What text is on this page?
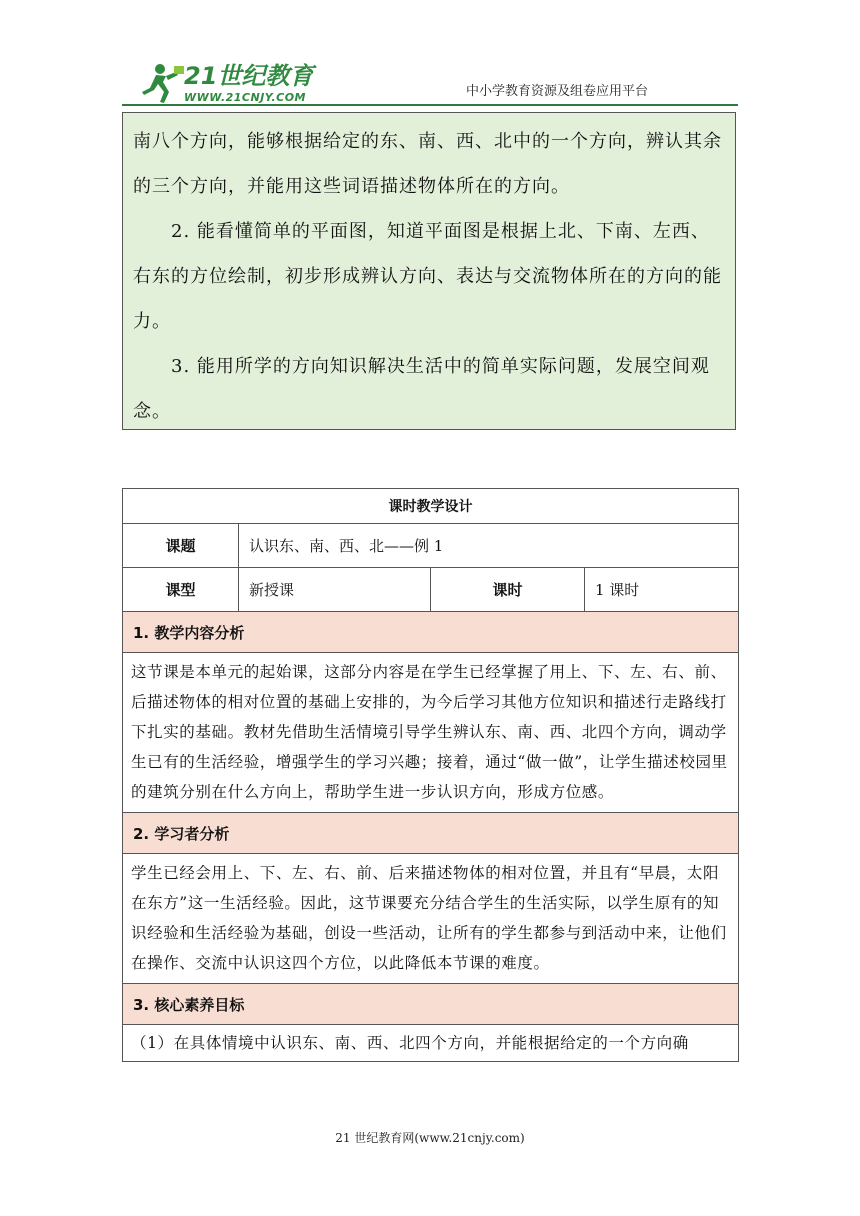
21世纪教育
WWW.21CNJY.COM	中小学教育资源及组卷应用平台

南八个方向，能够根据给定的东、南、西、北中的一个方向，辨认其余的三个方向，并能用这些词语描述物体所在的方向。

2. 能看懂简单的平面图，知道平面图是根据上北、下南、左西、右东的方位绘制，初步形成辨认方向、表达与交流物体所在的方向的能力。

3. 能用所学的方向知识解决生活中的简单实际问题，发展空间观念。

课时教学设计			
课题	认识东、南、西、北——例 1		
课型	新授课	课时	1 课时
1. 教学内容分析			
这节课是本单元的起始课，这部分内容是在学生已经掌握了用上、下、左、右、前、后描述物体的相对位置的基础上安排的，为今后学习其他方位知识和描述行走路线打下扎实的基础。教材先借助生活情境引导学生辨认东、南、西、北四个方向，调动学生已有的生活经验，增强学生的学习兴趣；接着，通过“做一做”，让学生描述校园里的建筑分别在什么方向上，帮助学生进一步认识方向，形成方位感。			
2. 学习者分析			
学生已经会用上、下、左、右、前、后来描述物体的相对位置，并且有“早晨，太阳在东方”这一生活经验。因此，这节课要充分结合学生的生活实际，以学生原有的知识经验和生活经验为基础，创设一些活动，让所有的学生都参与到活动中来，让他们在操作、交流中认识这四个方位，以此降低本节课的难度。			
3. 核心素养目标			
（1）在具体情境中认识东、南、西、北四个方向，并能根据给定的一个方向确			
21 世纪教育网(www.21cnjy.com)
